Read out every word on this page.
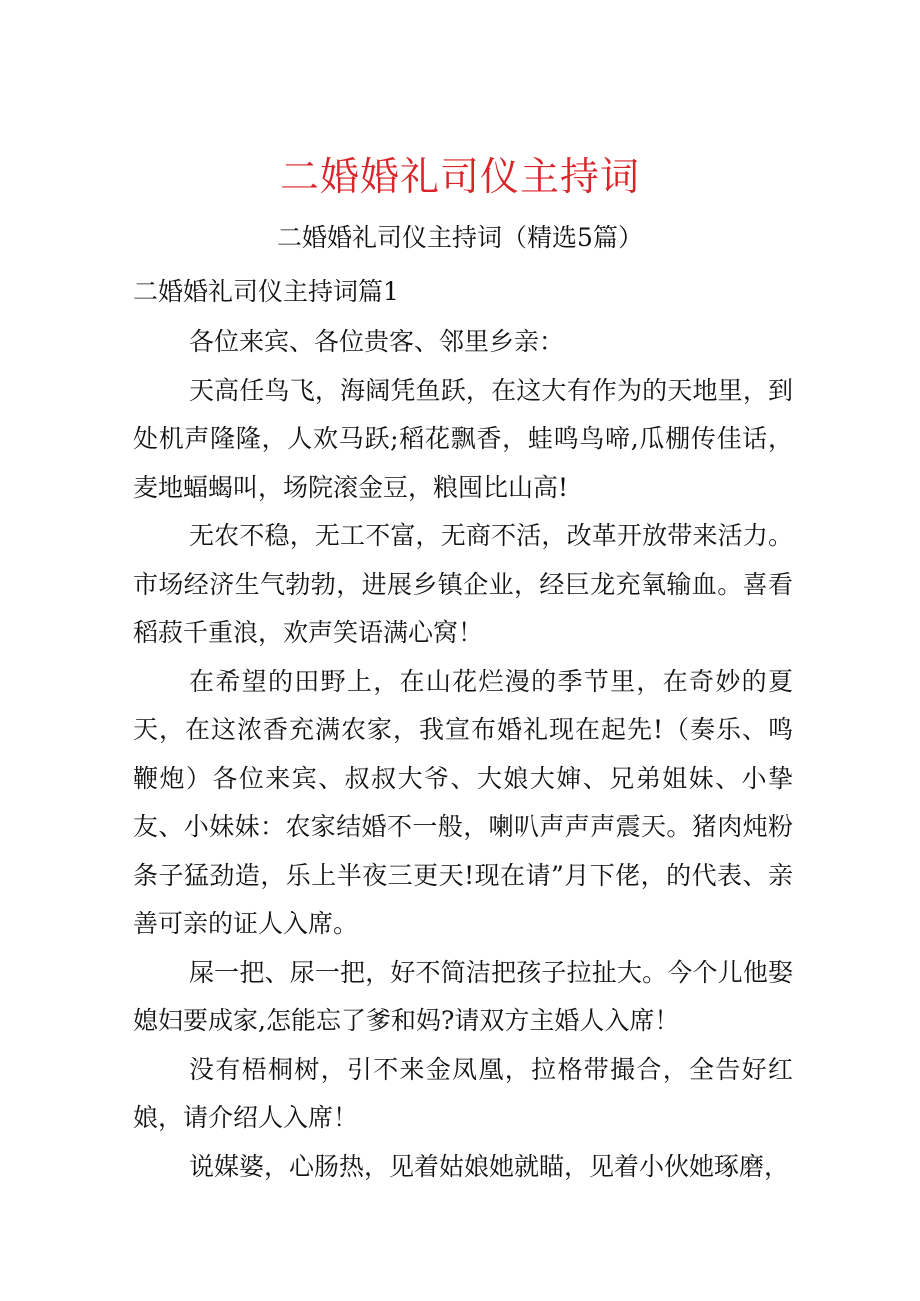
二婚婚礼司仪主持词
二婚婚礼司仪主持词（精选5篇）
二婚婚礼司仪主持词篇1

各位来宾、各位贵客、邻里乡亲：

天高任鸟飞，海阔凭鱼跃，在这大有作为的天地里，到处机声隆隆，人欢马跃;稻花飘香，蛙鸣鸟啼,瓜棚传佳话，麦地蝠蝎叫，场院滚金豆，粮囤比山高!

无农不稳，无工不富，无商不活，改革开放带来活力。市场经济生气勃勃，进展乡镇企业，经巨龙充氧输血。喜看稻菽千重浪，欢声笑语满心窝！

在希望的田野上，在山花烂漫的季节里，在奇妙的夏天，在这浓香充满农家，我宣布婚礼现在起先!（奏乐、鸣鞭炮）各位来宾、叔叔大爷、大娘大婶、兄弟姐妹、小挚友、小妹妹：农家结婚不一般，喇叭声声声震天。猪肉炖粉条子猛劲造，乐上半夜三更天!现在请”月下佬，的代表、亲善可亲的证人入席。

屎一把、尿一把，好不简洁把孩子拉扯大。今个儿他娶媳妇要成家,怎能忘了爹和妈?请双方主婚人入席！

没有梧桐树，引不来金凤凰，拉格带撮合，全告好红娘，请介绍人入席！

说媒婆，心肠热，见着姑娘她就瞄，见着小伙她琢磨，
